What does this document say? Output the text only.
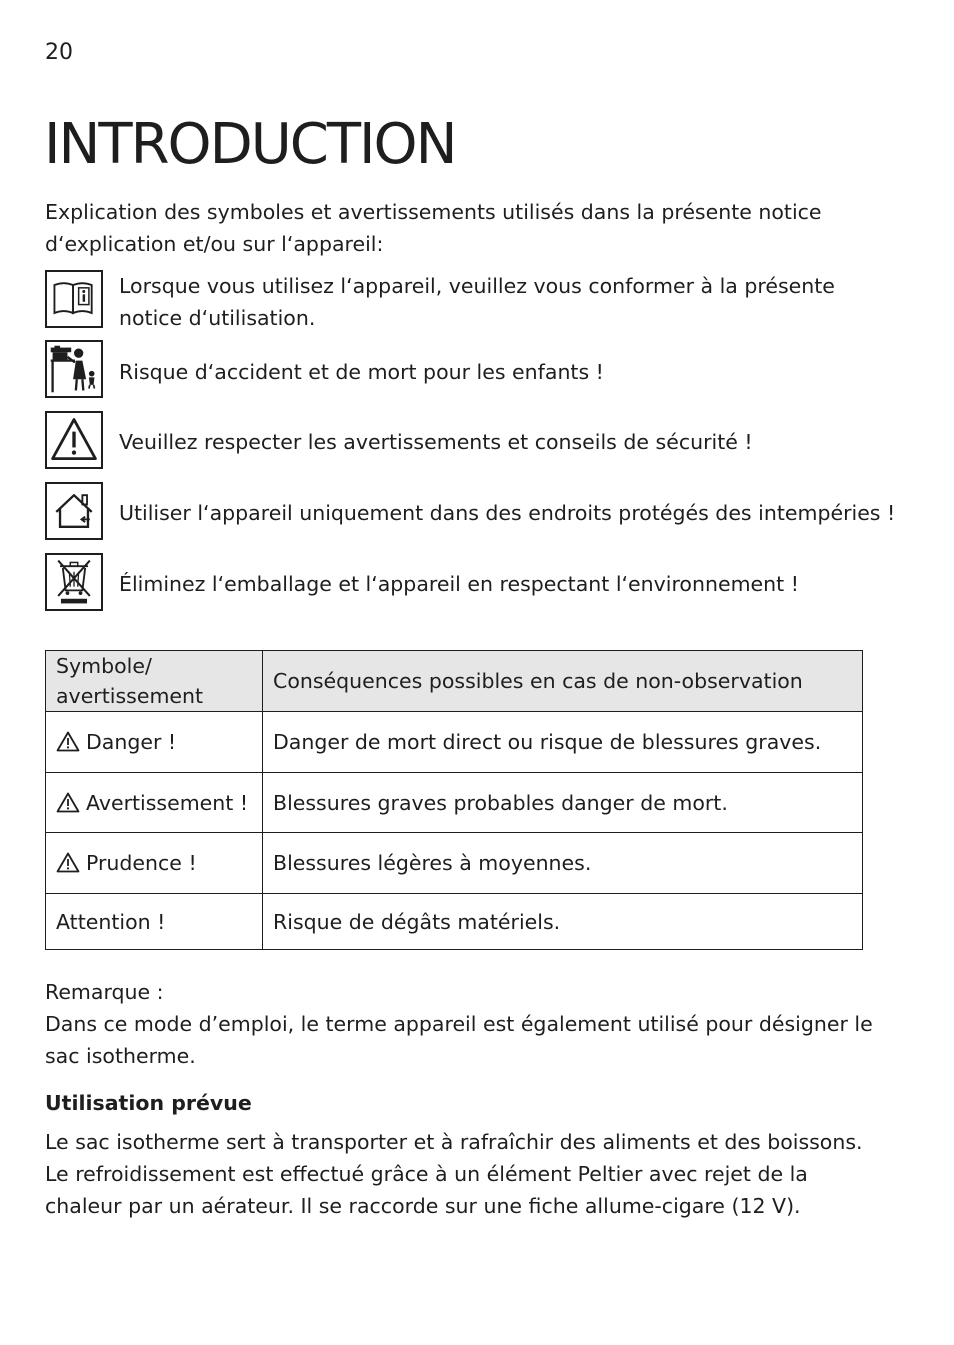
20
INTRODUCTION
Explication des symboles et avertissements utilisés dans la présente notice d‘explication et/ou sur l‘appareil:
Lorsque vous utilisez l‘appareil, veuillez vous conformer à la présente notice d‘utilisation.
Risque d‘accident et de mort pour les enfants !
Veuillez respecter les avertissements et conseils de sécurité !
Utiliser l‘appareil uniquement dans des endroits protégés des intempéries !
Éliminez l‘emballage et l‘appareil en respectant l‘environnement !
Symbole/ avertissement	Conséquences possibles en cas de non-observation
Danger !	Danger de mort direct ou risque de blessures graves.
Avertissement !	Blessures graves probables danger de mort.
Prudence !	Blessures légères à moyennes.
Attention !	Risque de dégâts matériels.
Remarque :
Dans ce mode d’emploi, le terme appareil est également utilisé pour désigner le sac isotherme.
Utilisation prévue
Le sac isotherme sert à transporter et à rafraîchir des aliments et des boissons. Le refroidissement est effectué grâce à un élément Peltier avec rejet de la chaleur par un aérateur. Il se raccorde sur une fiche allume-cigare (12 V).
